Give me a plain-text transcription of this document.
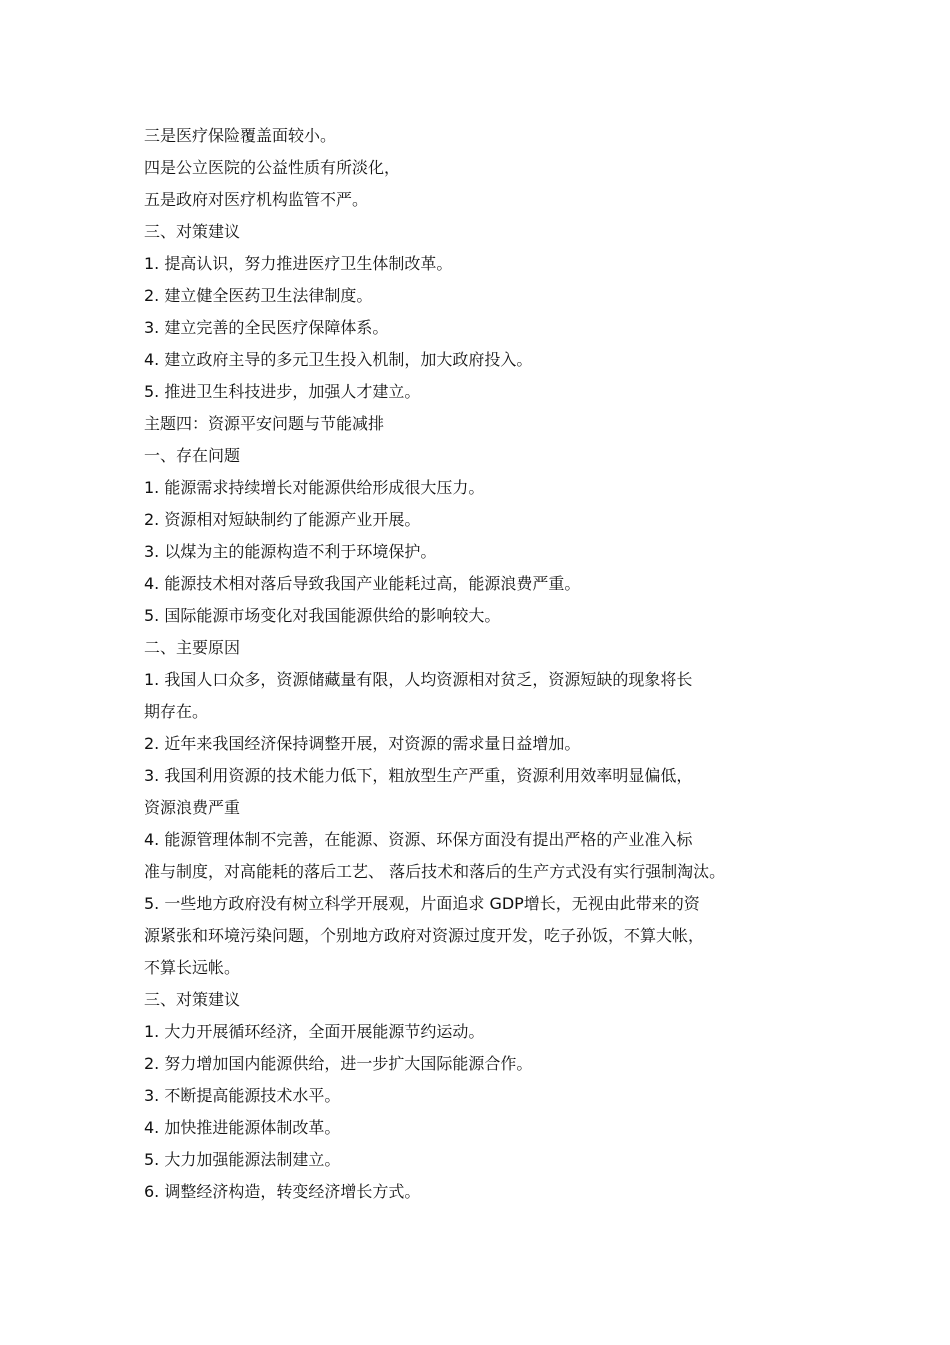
三是医疗保险覆盖面较小。
四是公立医院的公益性质有所淡化，
五是政府对医疗机构监管不严。
三、对策建议
1. 提高认识，努力推进医疗卫生体制改革。
2. 建立健全医药卫生法律制度。
3. 建立完善的全民医疗保障体系。
4. 建立政府主导的多元卫生投入机制，加大政府投入。
5. 推进卫生科技进步，加强人才建立。
主题四：资源平安问题与节能减排
一、存在问题
1. 能源需求持续增长对能源供给形成很大压力。
2. 资源相对短缺制约了能源产业开展。
3. 以煤为主的能源构造不利于环境保护。
4. 能源技术相对落后导致我国产业能耗过高，能源浪费严重。
5. 国际能源市场变化对我国能源供给的影响较大。
二、主要原因
1. 我国人口众多，资源储藏量有限，人均资源相对贫乏，资源短缺的现象将长
期存在。
2. 近年来我国经济保持调整开展，对资源的需求量日益增加。
3. 我国利用资源的技术能力低下，粗放型生产严重，资源利用效率明显偏低，
资源浪费严重
4. 能源管理体制不完善，在能源、资源、环保方面没有提出严格的产业准入标
准与制度，对高能耗的落后工艺、 落后技术和落后的生产方式没有实行强制淘汰。
5. 一些地方政府没有树立科学开展观，片面追求 GDP增长，无视由此带来的资
源紧张和环境污染问题，个别地方政府对资源过度开发，吃子孙饭，不算大帐，
不算长远帐。
三、对策建议
1. 大力开展循环经济，全面开展能源节约运动。
2. 努力增加国内能源供给，进一步扩大国际能源合作。
3. 不断提高能源技术水平。
4. 加快推进能源体制改革。
5. 大力加强能源法制建立。
6. 调整经济构造，转变经济增长方式。
